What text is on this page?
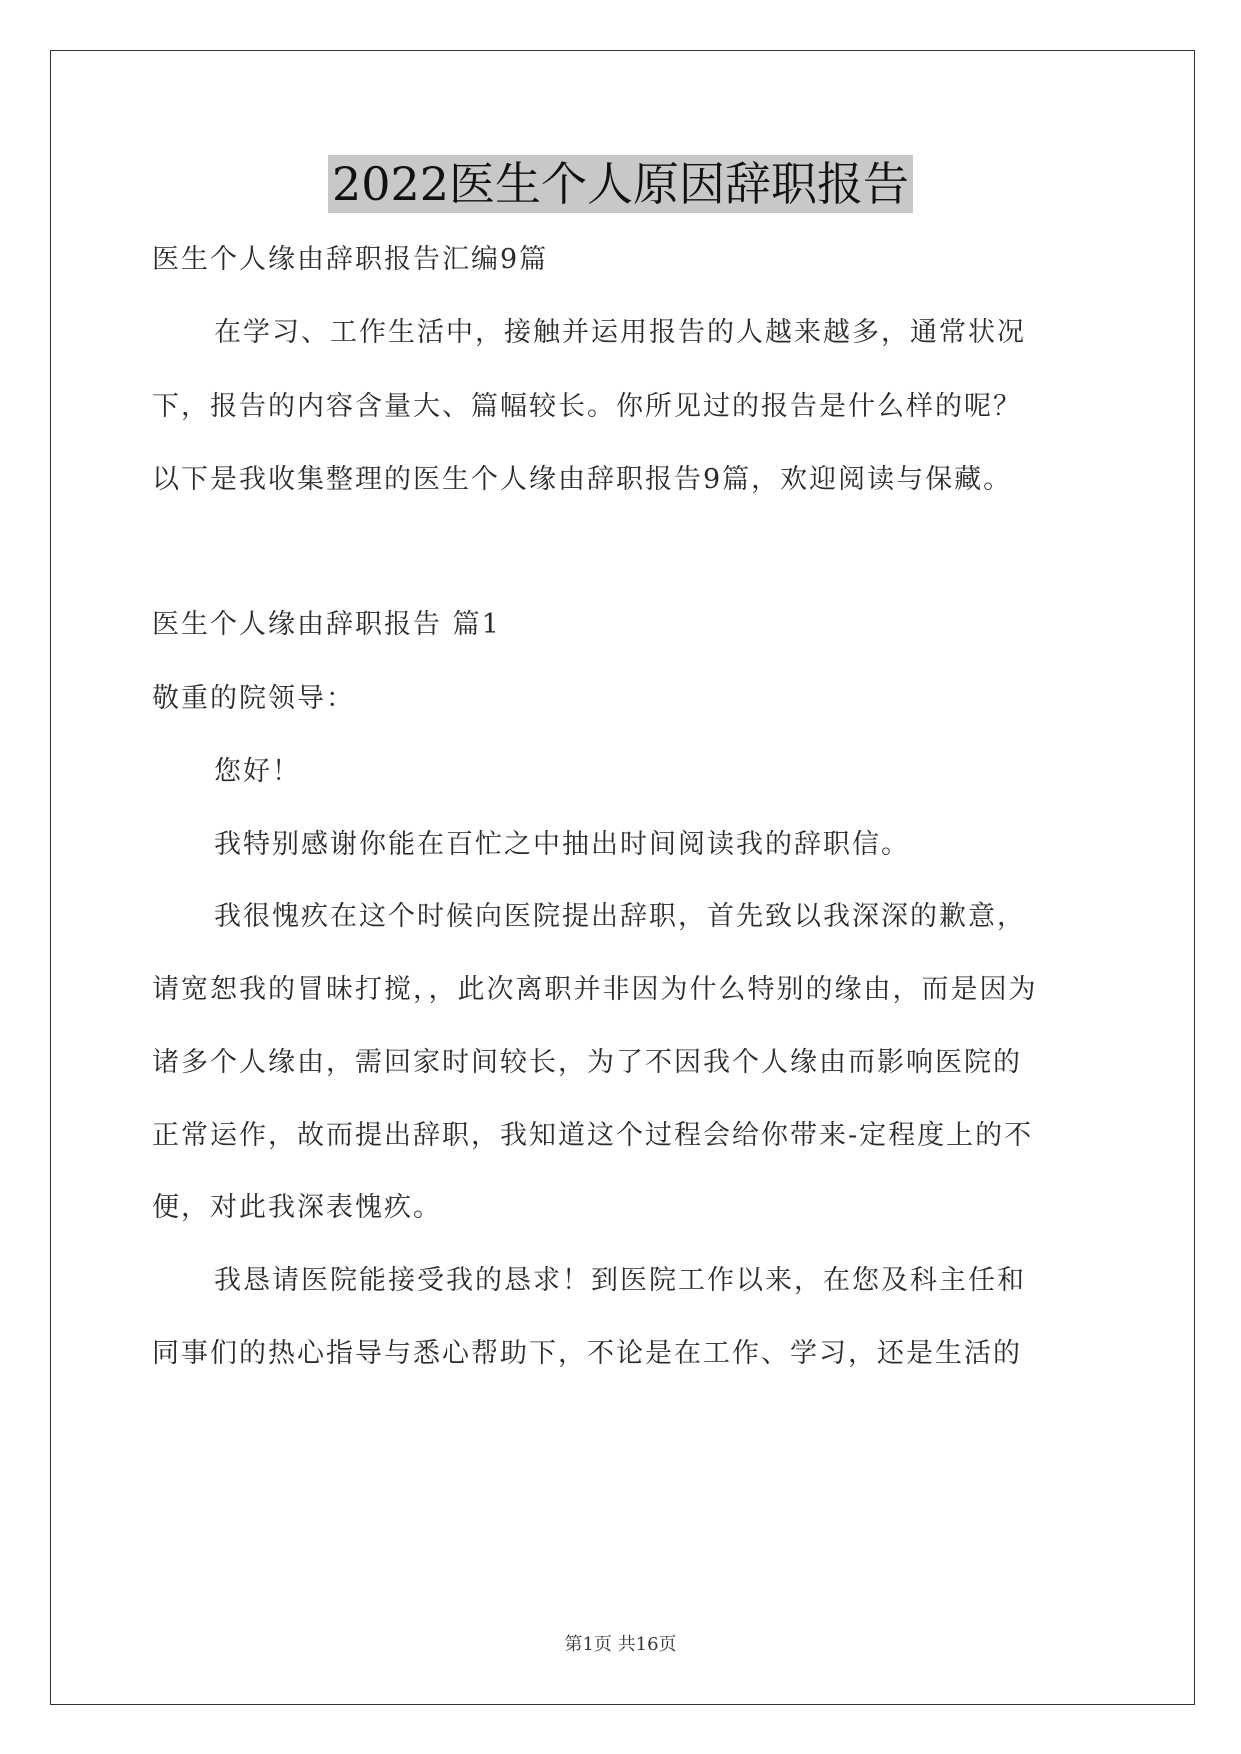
2022医生个人原因辞职报告
医生个人缘由辞职报告汇编9篇
在学习、工作生活中，接触并运用报告的人越来越多，通常状况
下，报告的内容含量大、篇幅较长。你所见过的报告是什么样的呢？
以下是我收集整理的医生个人缘由辞职报告9篇，欢迎阅读与保藏。
医生个人缘由辞职报告 篇1
敬重的院领导：
您好！
我特别感谢你能在百忙之中抽出时间阅读我的辞职信。
我很愧疚在这个时候向医院提出辞职，首先致以我深深的歉意，
请宽恕我的冒昧打搅，，此次离职并非因为什么特别的缘由，而是因为
诸多个人缘由，需回家时间较长，为了不因我个人缘由而影响医院的
正常运作，故而提出辞职，我知道这个过程会给你带来-定程度上的不
便，对此我深表愧疚。
我恳请医院能接受我的恳求！到医院工作以来，在您及科主任和
同事们的热心指导与悉心帮助下，不论是在工作、学习，还是生活的
第1页 共16页
